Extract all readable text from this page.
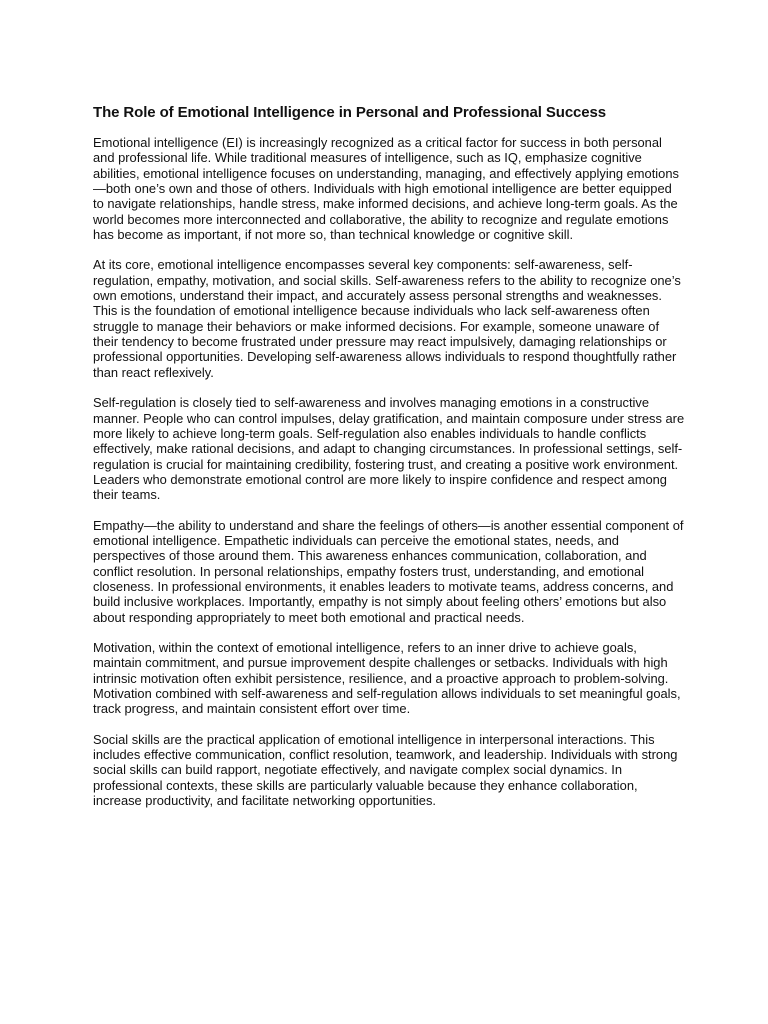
The Role of Emotional Intelligence in Personal and Professional Success

Emotional intelligence (EI) is increasingly recognized as a critical factor for success in both personal and professional life. While traditional measures of intelligence, such as IQ, emphasize cognitive abilities, emotional intelligence focuses on understanding, managing, and effectively applying emotions—both one’s own and those of others. Individuals with high emotional intelligence are better equipped to navigate relationships, handle stress, make informed decisions, and achieve long-term goals. As the world becomes more interconnected and collaborative, the ability to recognize and regulate emotions has become as important, if not more so, than technical knowledge or cognitive skill.

At its core, emotional intelligence encompasses several key components: self-awareness, self-regulation, empathy, motivation, and social skills. Self-awareness refers to the ability to recognize one’s own emotions, understand their impact, and accurately assess personal strengths and weaknesses. This is the foundation of emotional intelligence because individuals who lack self-awareness often struggle to manage their behaviors or make informed decisions. For example, someone unaware of their tendency to become frustrated under pressure may react impulsively, damaging relationships or professional opportunities. Developing self-awareness allows individuals to respond thoughtfully rather than react reflexively.

Self-regulation is closely tied to self-awareness and involves managing emotions in a constructive manner. People who can control impulses, delay gratification, and maintain composure under stress are more likely to achieve long-term goals. Self-regulation also enables individuals to handle conflicts effectively, make rational decisions, and adapt to changing circumstances. In professional settings, self-regulation is crucial for maintaining credibility, fostering trust, and creating a positive work environment. Leaders who demonstrate emotional control are more likely to inspire confidence and respect among their teams.

Empathy—the ability to understand and share the feelings of others—is another essential component of emotional intelligence. Empathetic individuals can perceive the emotional states, needs, and perspectives of those around them. This awareness enhances communication, collaboration, and conflict resolution. In personal relationships, empathy fosters trust, understanding, and emotional closeness. In professional environments, it enables leaders to motivate teams, address concerns, and build inclusive workplaces. Importantly, empathy is not simply about feeling others’ emotions but also about responding appropriately to meet both emotional and practical needs.

Motivation, within the context of emotional intelligence, refers to an inner drive to achieve goals, maintain commitment, and pursue improvement despite challenges or setbacks. Individuals with high intrinsic motivation often exhibit persistence, resilience, and a proactive approach to problem-solving. Motivation combined with self-awareness and self-regulation allows individuals to set meaningful goals, track progress, and maintain consistent effort over time.

Social skills are the practical application of emotional intelligence in interpersonal interactions. This includes effective communication, conflict resolution, teamwork, and leadership. Individuals with strong social skills can build rapport, negotiate effectively, and navigate complex social dynamics. In professional contexts, these skills are particularly valuable because they enhance collaboration, increase productivity, and facilitate networking opportunities.
